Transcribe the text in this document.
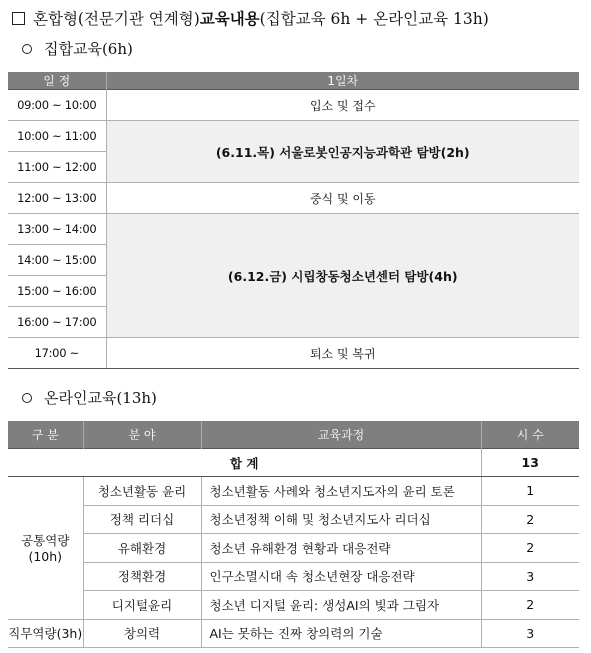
혼합형(전문기관 연계형) 교육내용 (집합교육 6h + 온라인교육 13h)
집합교육(6h)
일 정	1일차
09:00 ~ 10:00	입소 및 접수
10:00 ~ 11:00	(6.11.목) 서울로봇인공지능과학관 탐방(2h)
11:00 ~ 12:00	
12:00 ~ 13:00	중식 및 이동
13:00 ~ 14:00	(6.12.금) 시립창동청소년센터 탐방(4h)
14:00 ~ 15:00	
15:00 ~ 16:00	
16:00 ~ 17:00	
17:00 ~	퇴소 및 복귀
온라인교육(13h)
구 분	분 야	교육과정	시 수
합 계			13
공통역량(10h)	청소년활동 윤리	청소년활동 사례와 청소년지도자의 윤리 토론	1
	정책 리더십	청소년정책 이해 및 청소년지도사 리더십	2
	유해환경	청소년 유해환경 현황과 대응전략	2
	정책환경	인구소멸시대 속 청소년현장 대응전략	3
	디지털윤리	청소년 디지털 윤리: 생성AI의 빛과 그림자	2
직무역량(3h)	창의력	AI는 못하는 진짜 창의력의 기술	3
